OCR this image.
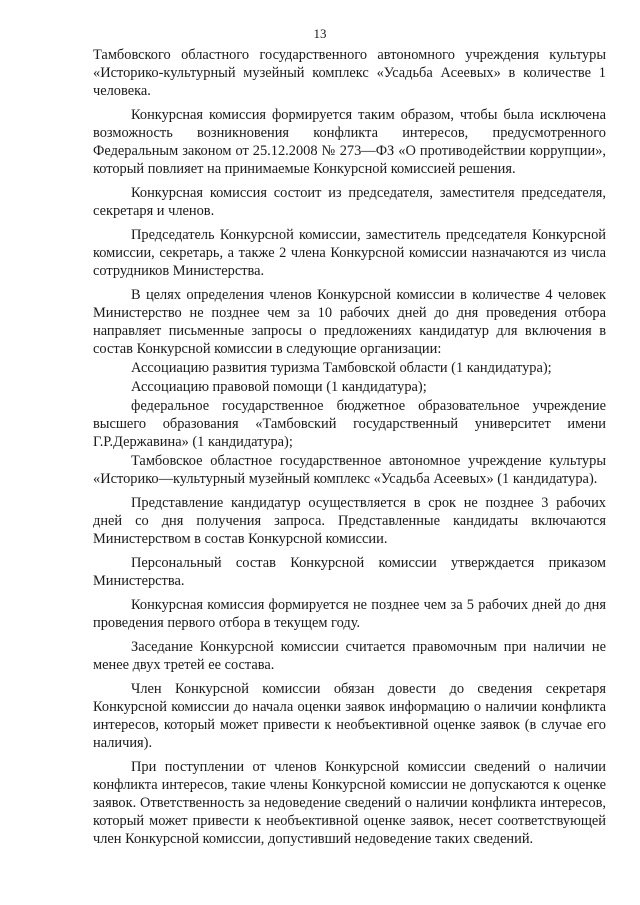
13

Тамбовского областного государственного автономного учреждения культуры «Историко-культурный музейный комплекс «Усадьба Асеевых» в количестве 1 человека.

Конкурсная комиссия формируется таким образом, чтобы была исключена возможность возникновения конфликта интересов, предусмотренного Федеральным законом от 25.12.2008 № 273—ФЗ «О противодействии коррупции», который повлияет на принимаемые Конкурсной комиссией решения.

Конкурсная комиссия состоит из председателя, заместителя председателя, секретаря и членов.

Председатель Конкурсной комиссии, заместитель председателя Конкурсной комиссии, секретарь, а также 2 члена Конкурсной комиссии назначаются из числа сотрудников Министерства.

В целях определения членов Конкурсной комиссии в количестве 4 человек Министерство не позднее чем за 10 рабочих дней до дня проведения отбора направляет письменные запросы о предложениях кандидатур для включения в состав Конкурсной комиссии в следующие организации:

Ассоциацию развития туризма Тамбовской области (1 кандидатура);

Ассоциацию правовой помощи (1 кандидатура);

федеральное государственное бюджетное образовательное учреждение высшего образования «Тамбовский государственный университет имени Г.Р.Державина» (1 кандидатура);

Тамбовское областное государственное автономное учреждение культуры «Историко—культурный музейный комплекс «Усадьба Асеевых» (1 кандидатура).

Представление кандидатур осуществляется в срок не позднее 3 рабочих дней со дня получения запроса. Представленные кандидаты включаются Министерством в состав Конкурсной комиссии.

Персональный состав Конкурсной комиссии утверждается приказом Министерства.

Конкурсная комиссия формируется не позднее чем за 5 рабочих дней до дня проведения первого отбора в текущем году.

Заседание Конкурсной комиссии считается правомочным при наличии не менее двух третей ее состава.

Член Конкурсной комиссии обязан довести до сведения секретаря Конкурсной комиссии до начала оценки заявок информацию о наличии конфликта интересов, который может привести к необъективной оценке заявок (в случае его наличия).

При поступлении от членов Конкурсной комиссии сведений о наличии конфликта интересов, такие члены Конкурсной комиссии не допускаются к оценке заявок. Ответственность за недоведение сведений о наличии конфликта интересов, который может привести к необъективной оценке заявок, несет соответствующей член Конкурсной комиссии, допустивший недоведение таких сведений.
